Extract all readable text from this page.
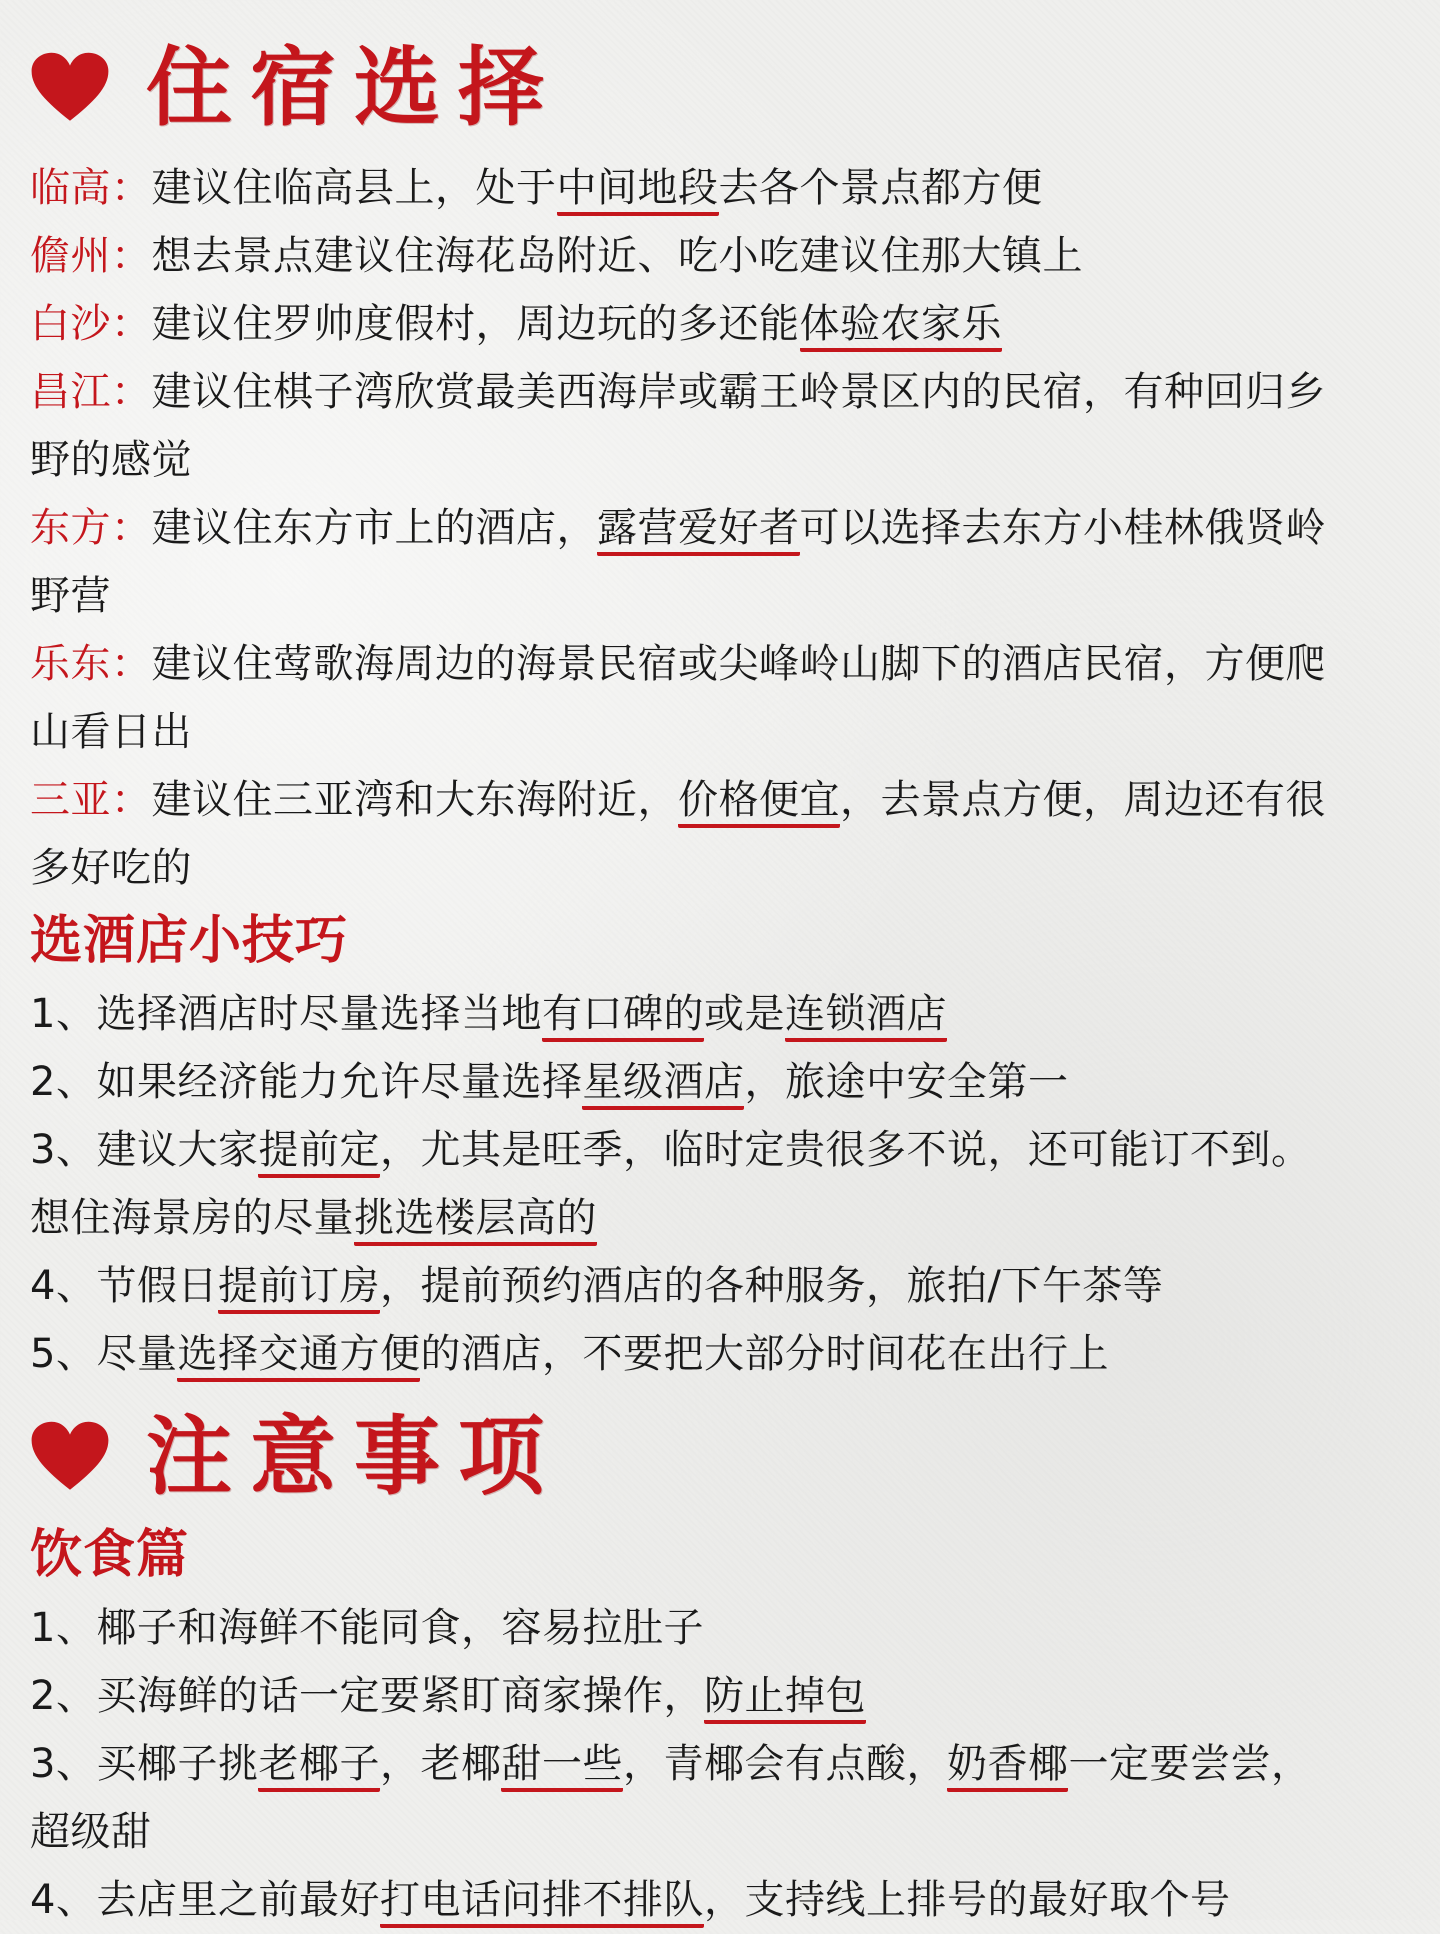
住宿选择
临高：建议住临高县上，处于中间地段去各个景点都方便
儋州：想去景点建议住海花岛附近、吃小吃建议住那大镇上
白沙：建议住罗帅度假村，周边玩的多还能体验农家乐
昌江：建议住棋子湾欣赏最美西海岸或霸王岭景区内的民宿，有种回归乡
野的感觉
东方：建议住东方市上的酒店，露营爱好者可以选择去东方小桂林俄贤岭
野营
乐东：建议住莺歌海周边的海景民宿或尖峰岭山脚下的酒店民宿，方便爬
山看日出
三亚：建议住三亚湾和大东海附近，价格便宜，去景点方便，周边还有很
多好吃的
选酒店小技巧
1、选择酒店时尽量选择当地有口碑的或是连锁酒店
2、如果经济能力允许尽量选择星级酒店，旅途中安全第一
3、建议大家提前定，尤其是旺季，临时定贵很多不说，还可能订不到。
想住海景房的尽量挑选楼层高的
4、节假日提前订房，提前预约酒店的各种服务，旅拍/下午茶等
5、尽量选择交通方便的酒店，不要把大部分时间花在出行上
注意事项
饮食篇
1、椰子和海鲜不能同食，容易拉肚子
2、买海鲜的话一定要紧盯商家操作，防止掉包
3、买椰子挑老椰子，老椰甜一些，青椰会有点酸，奶香椰一定要尝尝，
超级甜
4、去店里之前最好打电话问排不排队，支持线上排号的最好取个号
